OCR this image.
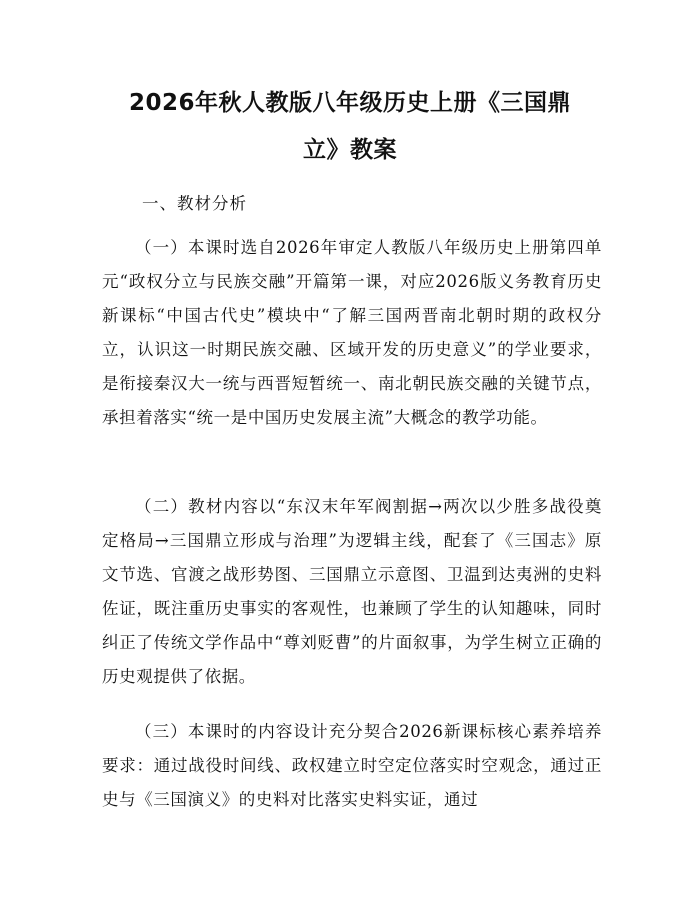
2026年秋人教版八年级历史上册《三国鼎
立》教案

一、教材分析

（一）本课时选自2026年审定人教版八年级历史上册第四单元“政权分立与民族交融”开篇第一课，对应2026版义务教育历史新课标“中国古代史”模块中“了解三国两晋南北朝时期的政权分立，认识这一时期民族交融、区域开发的历史意义”的学业要求，是衔接秦汉大一统与西晋短暂统一、南北朝民族交融的关键节点，承担着落实“统一是中国历史发展主流”大概念的教学功能。

（二）教材内容以“东汉末年军阀割据→两次以少胜多战役奠定格局→三国鼎立形成与治理”为逻辑主线，配套了《三国志》原文节选、官渡之战形势图、三国鼎立示意图、卫温到达夷洲的史料佐证，既注重历史事实的客观性，也兼顾了学生的认知趣味，同时纠正了传统文学作品中“尊刘贬曹”的片面叙事，为学生树立正确的历史观提供了依据。

（三）本课时的内容设计充分契合2026新课标核心素养培养要求：通过战役时间线、政权建立时空定位落实时空观念，通过正史与《三国演义》的史料对比落实史料实证，通过
